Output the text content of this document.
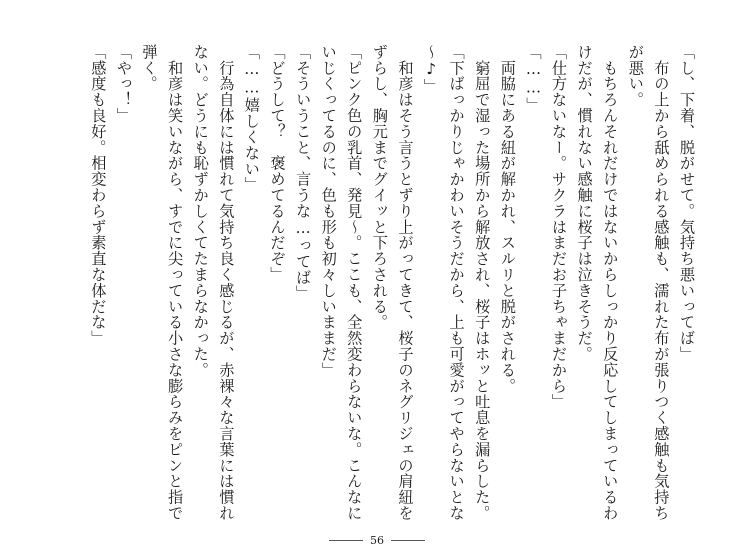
「し、下着、脱がせて。気持ち悪いってば」
　布の上から舐められる感触も、濡れた布が張りつく感触も気持ち
が悪い。
　もちろんそれだけではないからしっかり反応してしまっているわ
けだが、慣れない感触に桜子は泣きそうだ。
「仕方ないなー。サクラはまだお子ちゃまだから」
「……」
　両脇にある紐が解かれ、スルリと脱がされる。
　窮屈で湿った場所から解放され、桜子はホッと吐息を漏らした。
「下ばっかりじゃかわいそうだから、上も可愛がってやらないとな
～♪」
　和彦はそう言うとずり上がってきて、桜子のネグリジェの肩紐を
ずらし、胸元までグイッと下ろされる。
「ピンク色の乳首、発見～。ここも、全然変わらないな。こんなに
いじくってるのに、色も形も初々しいままだ」
「そういうこと、言うな…ってば」
「どうして？　褒めてるんだぞ」
「……嬉しくない」
　行為自体には慣れて気持ち良く感じるが、赤裸々な言葉には慣れ
ない。どうにも恥ずかしくてたまらなかった。
　和彦は笑いながら、すでに尖っている小さな膨らみをピンと指で
弾く。
「やっ！」
「感度も良好。相変わらず素直な体だな」
56
